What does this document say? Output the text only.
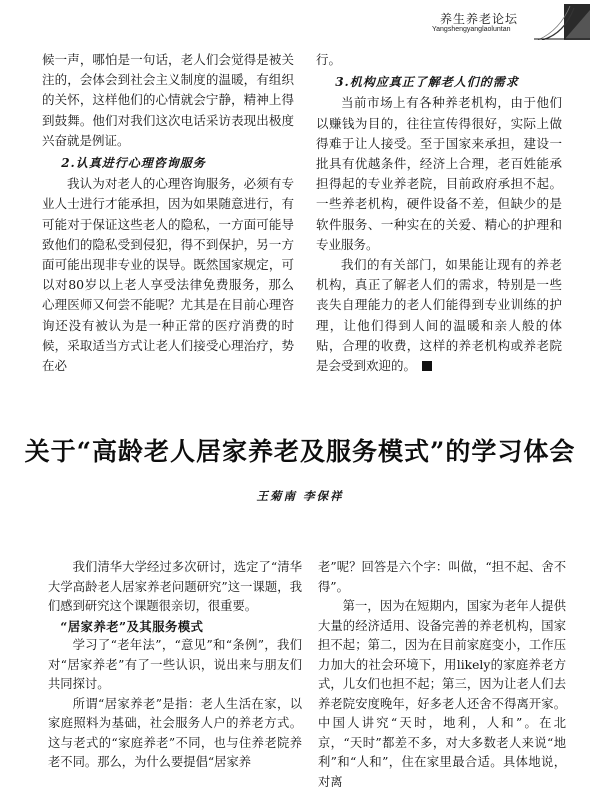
养生养老论坛
Yangshengyanglaoluntan

候一声，哪怕是一句话，老人们会觉得是被关注的，会体会到社会主义制度的温暖，有组织的关怀，这样他们的心情就会宁静，精神上得到鼓舞。他们对我们这次电话采访表现出极度兴奋就是例证。

2.认真进行心理咨询服务

我认为对老人的心理咨询服务，必须有专业人士进行才能承担，因为如果随意进行，有可能对于保证这些老人的隐私，一方面可能导致他们的隐私受到侵犯，得不到保护，另一方面可能出现非专业的误导。既然国家规定，可以对80岁以上老人享受法律免费服务，那么心理医师又何尝不能呢？尤其是在目前心理咨询还没有被认为是一种正常的医疗消费的时候，采取适当方式让老人们接受心理治疗，势在必

行。

3.机构应真正了解老人们的需求

当前市场上有各种养老机构，由于他们以赚钱为目的，往往宣传得很好，实际上做得难于让人接受。至于国家来承担，建设一批具有优越条件，经济上合理，老百姓能承担得起的专业养老院，目前政府承担不起。一些养老机构，硬件设备不差，但缺少的是软件服务、一种实在的关爱、精心的护理和专业服务。

我们的有关部门，如果能让现有的养老机构，真正了解老人们的需求，特别是一些丧失自理能力的老人们能得到专业训练的护理，让他们得到人间的温暖和亲人般的体贴，合理的收费，这样的养老机构或养老院是会受到欢迎的。

关于“高龄老人居家养老及服务模式”的学习体会
王菊南 李保祥

我们清华大学经过多次研讨，选定了“清华大学高龄老人居家养老问题研究”这一课题，我们感到研究这个课题很亲切，很重要。

“居家养老”及其服务模式

学习了“老年法”，“意见”和“条例”，我们对“居家养老”有了一些认识，说出来与朋友们共同探讨。

所谓“居家养老”是指：老人生活在家，以家庭照料为基础，社会服务人户的养老方式。这与老式的“家庭养老”不同，也与住养老院养老不同。那么，为什么要提倡“居家养

老”呢？回答是六个字：叫做，“担不起、舍不得”。

第一，因为在短期内，国家为老年人提供大量的经济适用、设备完善的养老机构，国家担不起；第二，因为在目前家庭变小，工作压力加大的社会环境下，用likely的家庭养老方式，儿女们也担不起；第三，因为让老人们去养老院安度晚年，好多老人还舍不得离开家。中国人讲究“天时，地利，人和”。在北京，“天时”都差不多，对大多数老人来说“地利”和“人和”，住在家里最合适。具体地说，对离
